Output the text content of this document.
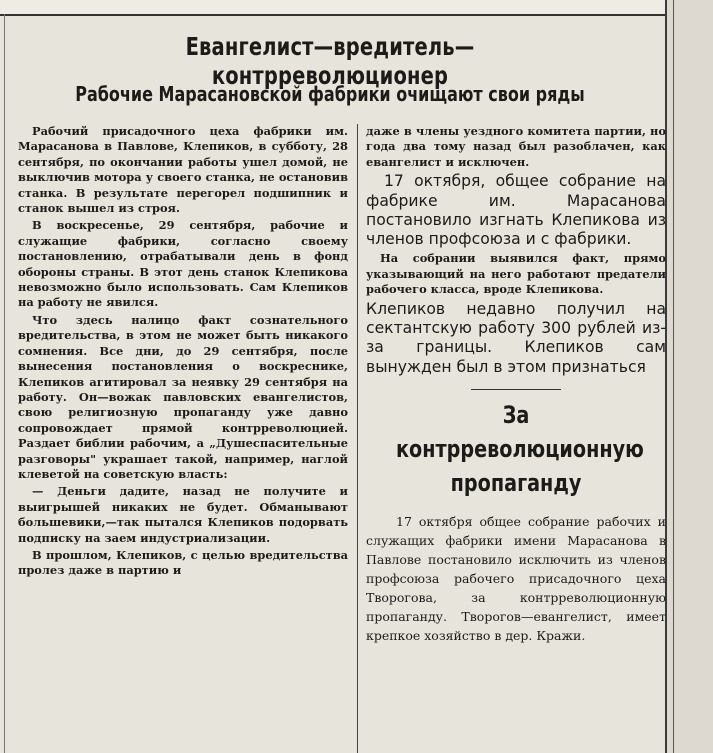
Евангелист—вредитель—контрреволюционер
Рабочие Марасановской фабрики очищают свои ряды

Рабочий присадочного цеха фабрики им. Марасанова в Павлове, Клепиков, в субботу, 28 сентября, по окончании работы ушел домой, не выключив мотора у своего станка, не остановив станка. В результате перегорел подшипник и станок вышел из строя.

В воскресенье, 29 сентября, рабочие и служащие фабрики, согласно своему постановлению, отрабатывали день в фонд обороны страны. В этот день станок Клепикова невозможно было использовать. Сам Клепиков на работу не явился.

Что здесь налицо факт сознательного вредительства, в этом не может быть никакого сомнения. Все дни, до 29 сентября, после вынесения постановления о воскреснике, Клепиков агитировал за неявку 29 сентября на работу. Он—вожак павловских евангелистов, свою религиозную пропаганду уже давно сопровождает прямой контрреволюцией. Раздает библии рабочим, а „Душеспасительные разговоры" украшает такой, например, наглой клеветой на советскую власть:

— Деньги дадите, назад не получите и выигрышей никаких не будет. Обманывают большевики,—так пытался Клепиков подорвать подписку на заем индустриализации.

В прошлом, Клепиков, с целью вредительства пролез даже в партию и

даже в члены уездного комитета партии, но года два тому назад был разоблачен, как евангелист и исключен.

17 октября, общее собрание на фабрике им. Марасанова постановило изгнать Клепикова из членов профсоюза и с фабрики.

На собрании выявился факт, прямо указывающий на него работают предатели рабочего класса, вроде Клепикова.

Клепиков недавно получил на сектантскую работу 300 рублей из-за границы. Клепиков сам вынужден был в этом признаться

За контрреволюционную пропаганду

17 октября общее собрание рабочих и служащих фабрики имени Марасанова в Павлове постановило исключить из членов профсоюза рабочего присадочного цеха Творогова, за контрреволюционную пропаганду. Творогов—евангелист, имеет крепкое хозяйство в дер. Кражи.
